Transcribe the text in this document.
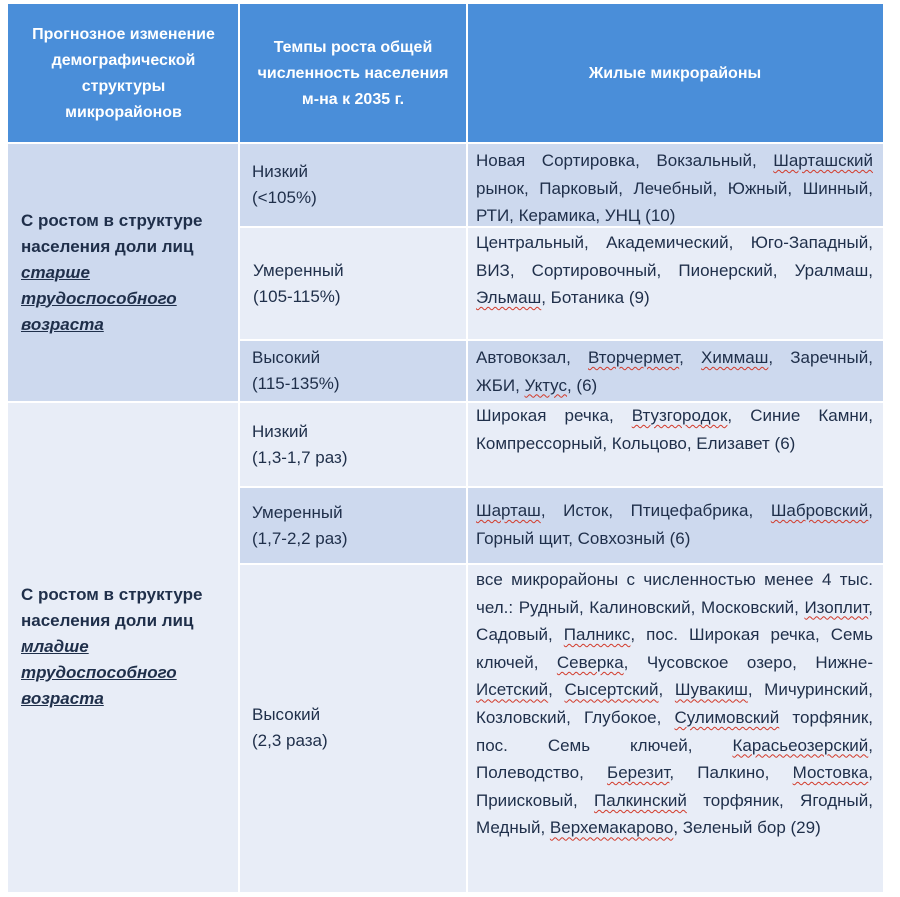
Прогнозное изменение демографической структуры микрорайонов
Темпы роста общей численность населения м-на к 2035 г.
Жилые микрорайоны
С ростом в структуре населения доли лиц
старше трудоспособного возраста
Низкий
(<105%)
Новая Сортировка, Вокзальный, Шарташский рынок, Парковый, Лечебный, Южный, Шинный, РТИ, Керамика, УНЦ (10)
Умеренный
(105-115%)
Центральный, Академический, Юго-Западный, ВИЗ, Сортировочный, Пионерский, Уралмаш, Эльмаш, Ботаника (9)
Высокий
(115-135%)
Автовокзал, Вторчермет, Химмаш, Заречный, ЖБИ, Уктус, (6)
С ростом в структуре населения доли лиц
младше трудоспособного возраста
Низкий
(1,3-1,7 раз)
Широкая речка, Втузгородок, Синие Камни, Компрессорный, Кольцово, Елизавет (6)
Умеренный
(1,7-2,2 раз)
Шарташ, Исток, Птицефабрика, Шабровский, Горный щит, Совхозный (6)
Высокий
(2,3 раза)
все микрорайоны с численностью менее 4 тыс. чел.: Рудный, Калиновский, Московский, Изоплит, Садовый, Палникс, пос. Широкая речка, Семь ключей, Северка, Чусовское озеро, Нижне-Исетский, Сысертский, Шувакиш, Мичуринский, Козловский, Глубокое, Сулимовский торфяник, пос. Семь ключей, Карасьеозерский, Полеводство, Березит, Палкино, Мостовка, Приисковый, Палкинский торфяник, Ягодный, Медный, Верхемакарово, Зеленый бор (29)
